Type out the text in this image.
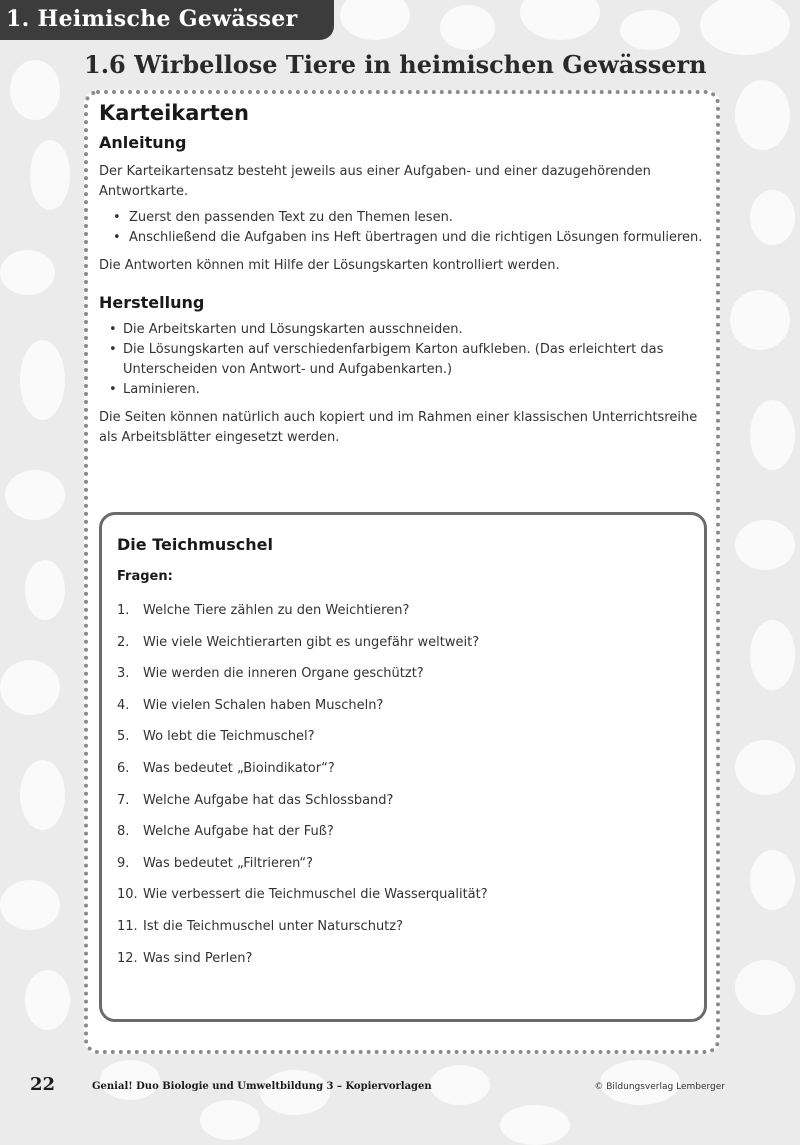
1. Heimische Gewässer
1.6 Wirbellose Tiere in heimischen Gewässern
Karteikarten
Anleitung

Der Karteikartensatz besteht jeweils aus einer Aufgaben- und einer dazugehörenden Antwortkarte.

• Zuerst den passenden Text zu den Themen lesen.
• Anschließend die Aufgaben ins Heft übertragen und die richtigen Lösungen formulieren.

Die Antworten können mit Hilfe der Lösungskarten kontrolliert werden.

Herstellung
• Die Arbeitskarten und Lösungskarten ausschneiden.
• Die Lösungskarten auf verschiedenfarbigem Karton aufkleben. (Das erleichtert das Unterscheiden von Antwort- und Aufgabenkarten.)
• Laminieren.

Die Seiten können natürlich auch kopiert und im Rahmen einer klassischen Unterrichtsreihe als Arbeitsblätter eingesetzt werden.

Die Teichmuschel
Fragen:
1. Welche Tiere zählen zu den Weichtieren?
2. Wie viele Weichtierarten gibt es ungefähr weltweit?
3. Wie werden die inneren Organe geschützt?
4. Wie vielen Schalen haben Muscheln?
5. Wo lebt die Teichmuschel?
6. Was bedeutet „Bioindikator“?
7. Welche Aufgabe hat das Schlossband?
8. Welche Aufgabe hat der Fuß?
9. Was bedeutet „Filtrieren“?
10. Wie verbessert die Teichmuschel die Wasserqualität?
11. Ist die Teichmuschel unter Naturschutz?
12. Was sind Perlen?
22	Genial! Duo Biologie und Umweltbildung 3 – Kopiervorlagen	© Bildungsverlag Lemberger
